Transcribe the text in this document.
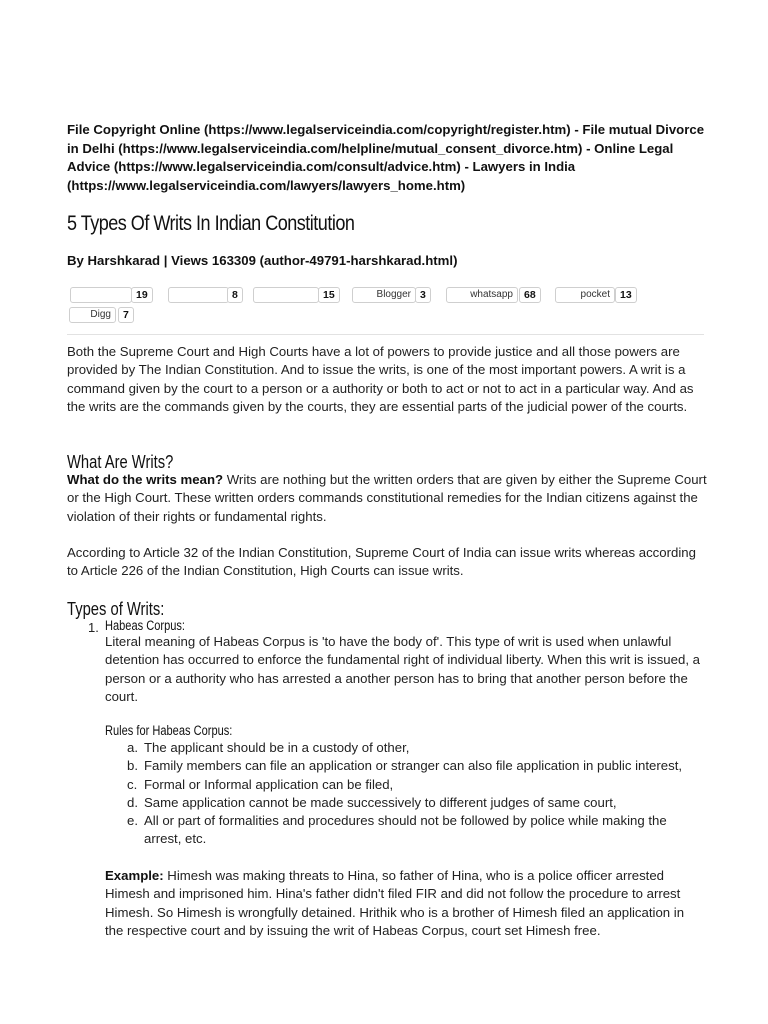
File Copyright Online (https://www.legalserviceindia.com/copyright/register.htm) - File mutual Divorce in Delhi (https://www.legalserviceindia.com/helpline/mutual_consent_divorce.htm) - Online Legal Advice (https://www.legalserviceindia.com/consult/advice.htm) - Lawyers in India (https://www.legalserviceindia.com/lawyers/lawyers_home.htm)
5 Types Of Writs In Indian Constitution
By Harshkarad | Views 163309 (author-49791-harshkarad.html)
19	8	15	Blogger 3	whatsapp	68	pocket 13
Digg	7

Both the Supreme Court and High Courts have a lot of powers to provide justice and all those powers are provided by The Indian Constitution. And to issue the writs, is one of the most important powers. A writ is a command given by the court to a person or a authority or both to act or not to act in a particular way. And as the writs are the commands given by the courts, they are essential parts of the judicial power of the courts.

What Are Writs?

What do the writs mean? Writs are nothing but the written orders that are given by either the Supreme Court or the High Court. These written orders commands constitutional remedies for the Indian citizens against the violation of their rights or fundamental rights.

According to Article 32 of the Indian Constitution, Supreme Court of India can issue writs whereas according to Article 226 of the Indian Constitution, High Courts can issue writs.

Types of Writs:
1. Habeas Corpus:

Literal meaning of Habeas Corpus is 'to have the body of'. This type of writ is used when unlawful detention has occurred to enforce the fundamental right of individual liberty. When this writ is issued, a person or a authority who has arrested a another person has to bring that another person before the court.

Rules for Habeas Corpus:
a. The applicant should be in a custody of other,
b. Family members can file an application or stranger can also file application in public interest,
c. Formal or Informal application can be filed,
d. Same application cannot be made successively to different judges of same court,
e. All or part of formalities and procedures should not be followed by police while making the arrest, etc.

Example: Himesh was making threats to Hina, so father of Hina, who is a police officer arrested Himesh and imprisoned him. Hina's father didn't filed FIR and did not follow the procedure to arrest Himesh. So Himesh is wrongfully detained. Hrithik who is a brother of Himesh filed an application in the respective court and by issuing the writ of Habeas Corpus, court set Himesh free.
